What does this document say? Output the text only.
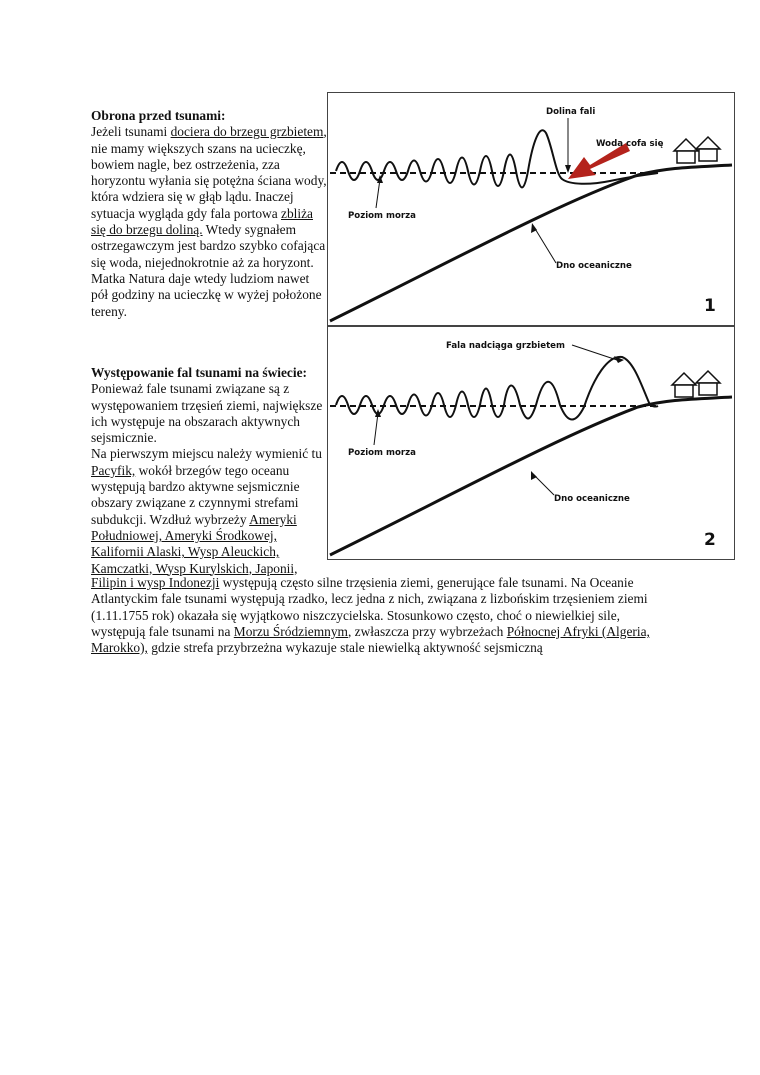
Obrona przed tsunami:

Jeżeli tsunami dociera do brzegu grzbietem, nie mamy większych szans na ucieczkę, bowiem nagle, bez ostrzeżenia, zza horyzontu wyłania się potężna ściana wody, która wdziera się w głąb lądu. Inaczej sytuacja wygląda gdy fala portowa zbliża się do brzegu doliną. Wtedy sygnałem ostrzegawczym jest bardzo szybko cofająca się woda, niejednokrotnie aż za horyzont. Matka Natura daje wtedy ludziom nawet pół godziny na ucieczkę w wyżej położone tereny.

Występowanie fal tsunami na świecie:

Ponieważ fale tsunami związane są z występowaniem trzęsień ziemi, największe ich występuje na obszarach aktywnych sejsmicznie.

Na pierwszym miejscu należy wymienić tu Pacyfik, wokół brzegów tego oceanu występują bardzo aktywne sejsmicznie obszary związane z czynnymi strefami subdukcji. Wzdłuż wybrzeży Ameryki Południowej, Ameryki Środkowej, Kalifornii Alaski, Wysp Aleuckich, Kamczatki, Wysp Kurylskich, Japonii,

Filipin i wysp Indonezji występują często silne trzęsienia ziemi, generujące fale tsunami. Na Oceanie Atlantyckim fale tsunami występują rzadko, lecz jedna z nich, związana z lizbońskim trzęsieniem ziemi (1.11.1755 rok) okazała się wyjątkowo niszczycielska. Stosunkowo często, choć o niewielkiej sile, występują fale tsunami na Morzu Śródziemnym, zwłaszcza przy wybrzeżach Północnej Afryki (Algeria, Marokko), gdzie strefa przybrzeżna wykazuje stale niewielką aktywność sejsmiczną

Dolina fali
Woda cofa się
Poziom morza
Dno oceaniczne
1
Fala nadciąga grzbietem
Poziom morza
Dno oceaniczne
2
